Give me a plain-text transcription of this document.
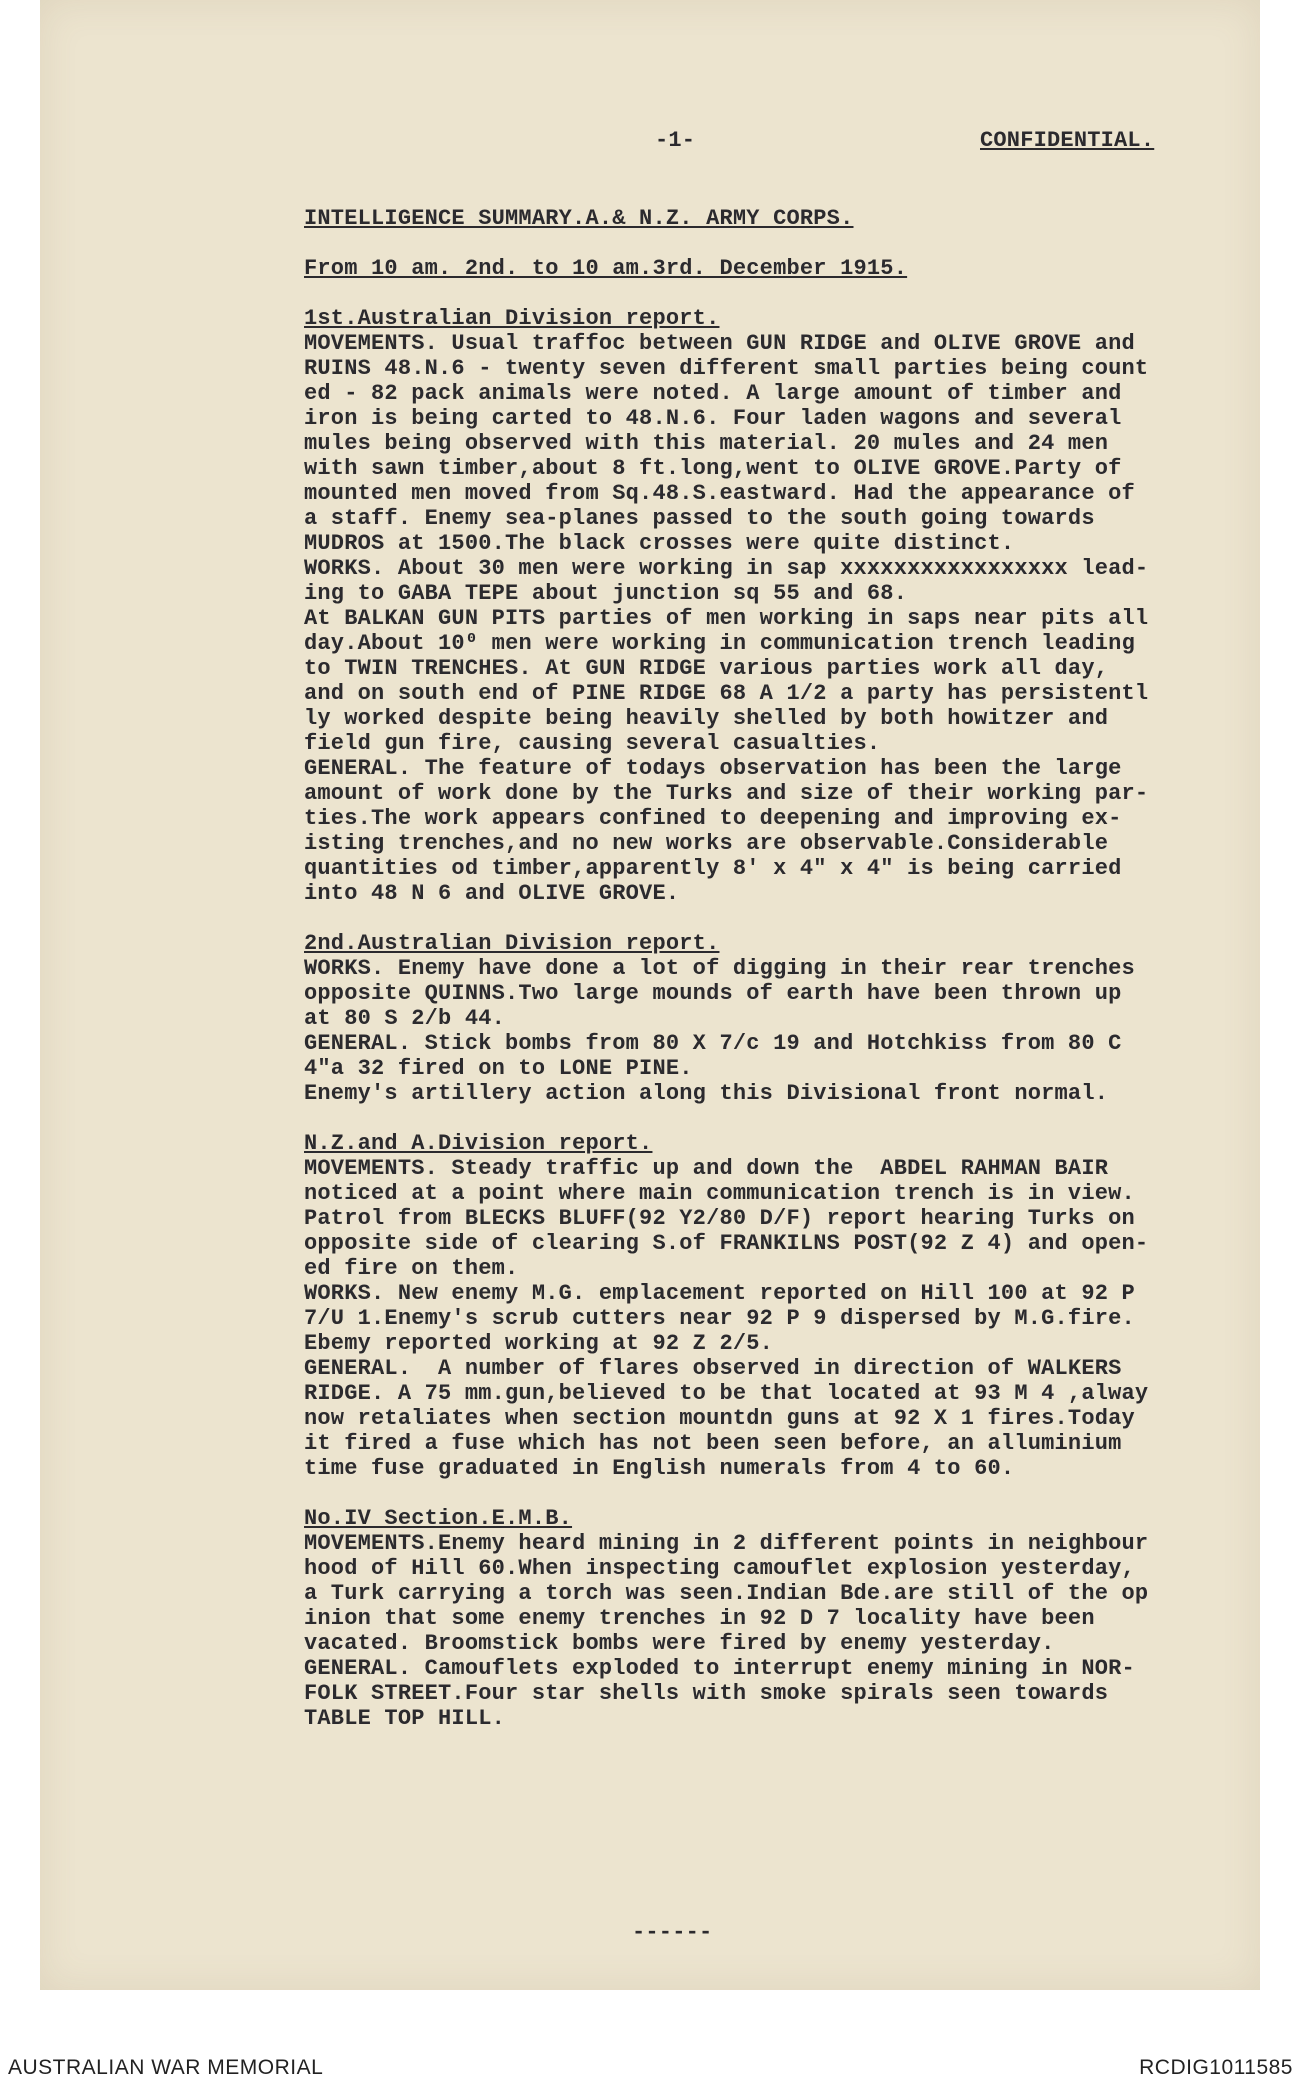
-1-	CONFIDENTIAL.
INTELLIGENCE SUMMARY.A.& N.Z. ARMY CORPS.
From 10 am. 2nd. to 10 am.3rd. December 1915.
1st.Australian Division report.
MOVEMENTS. Usual traffoc between GUN RIDGE and OLIVE GROVE and
RUINS 48.N.6 - twenty seven different small parties being count
ed - 82 pack animals were noted. A large amount of timber and
iron is being carted to 48.N.6. Four laden wagons and several
mules being observed with this material. 20 mules and 24 men
with sawn timber,about 8 ft.long,went to OLIVE GROVE.Party of
mounted men moved from Sq.48.S.eastward. Had the appearance of
a staff. Enemy sea-planes passed to the south going towards
MUDROS at 1500.The black crosses were quite distinct.
WORKS. About 30 men were working in sap xxxxxxxxxxxxxxxxx lead-
ing to GABA TEPE about junction sq 55 and 68.
At BALKAN GUN PITS parties of men working in saps near pits all
day.About 10⁰ men were working in communication trench leading
to TWIN TRENCHES. At GUN RIDGE various parties work all day,
and on south end of PINE RIDGE 68 A 1/2 a party has persistentl
ly worked despite being heavily shelled by both howitzer and
field gun fire, causing several casualties.
GENERAL. The feature of todays observation has been the large
amount of work done by the Turks and size of their working par-
ties.The work appears confined to deepening and improving ex-
isting trenches,and no new works are observable.Considerable
quantities od timber,apparently 8' x 4" x 4" is being carried
into 48 N 6 and OLIVE GROVE.
2nd.Australian Division report.
WORKS. Enemy have done a lot of digging in their rear trenches
opposite QUINNS.Two large mounds of earth have been thrown up
at 80 S 2/b 44.
GENERAL. Stick bombs from 80 X 7/c 19 and Hotchkiss from 80 C
4"a 32 fired on to LONE PINE.
Enemy's artillery action along this Divisional front normal.
N.Z.and A.Division report.
MOVEMENTS. Steady traffic up and down the  ABDEL RAHMAN BAIR
noticed at a point where main communication trench is in view.
Patrol from BLECKS BLUFF(92 Y2/80 D/F) report hearing Turks on
opposite side of clearing S.of FRANKILNS POST(92 Z 4) and open-
ed fire on them.
WORKS. New enemy M.G. emplacement reported on Hill 100 at 92 P
7/U 1.Enemy's scrub cutters near 92 P 9 dispersed by M.G.fire.
Ebemy reported working at 92 Z 2/5.
GENERAL.  A number of flares observed in direction of WALKERS
RIDGE. A 75 mm.gun,believed to be that located at 93 M 4 ,alway
now retaliates when section mountdn guns at 92 X 1 fires.Today
it fired a fuse which has not been seen before, an alluminium
time fuse graduated in English numerals from 4 to 60.
No.IV Section.E.M.B.
MOVEMENTS.Enemy heard mining in 2 different points in neighbour
hood of Hill 60.When inspecting camouflet explosion yesterday,
a Turk carrying a torch was seen.Indian Bde.are still of the op
inion that some enemy trenches in 92 D 7 locality have been
vacated. Broomstick bombs were fired by enemy yesterday.
GENERAL. Camouflets exploded to interrupt enemy mining in NOR-
FOLK STREET.Four star shells with smoke spirals seen towards
TABLE TOP HILL.
------
AUSTRALIAN WAR MEMORIAL	RCDIG1011585
